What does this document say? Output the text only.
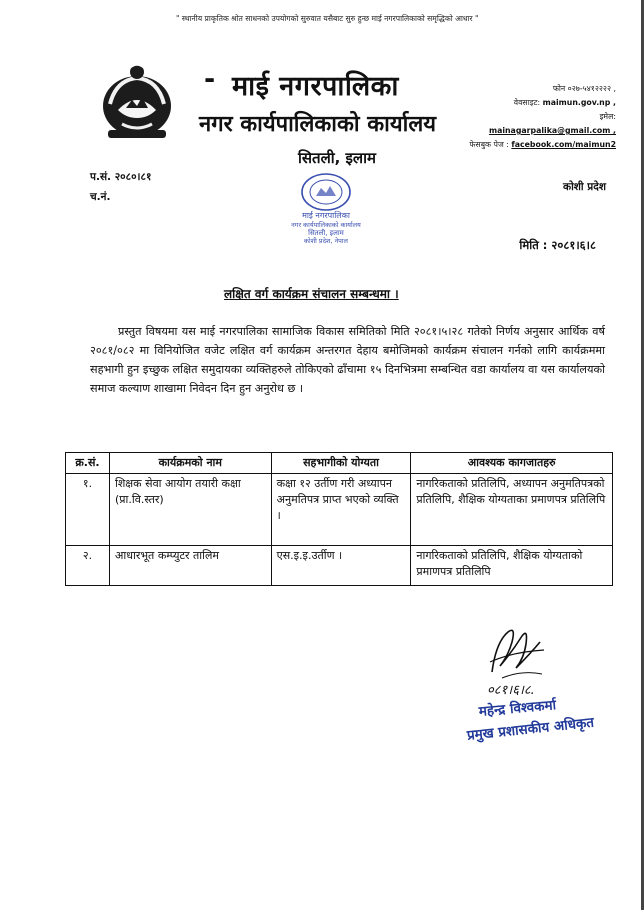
" स्थानीय प्राकृतिक श्रोत साधनको उपयोगको सुरुवात यसैबाट सुरु हुन्छ माई नगरपालिकाको समृद्धिको आधार "
- माई नगरपालिका
नगर कार्यपालिकाको कार्यालय
सितली, इलाम
फोन ०२७-५४१२२२२ ,
वेवसाइट: maimun.gov.np ,
इमेल:
mainagarpalika@gmail.com ,
फेसबुक पेज : facebook.com/maimun2
प.सं. २०८०।८१
च.नं.
कोशी प्रदेश
माई नगरपालिका
नगर कार्यपालिकाको कार्यालय
सितली, इलाम
कोशी प्रदेश, नेपाल	मिति : २०८१।६।८
लक्षित वर्ग कार्यक्रम संचालन सम्बन्धमा ।

प्रस्तुत विषयमा यस माई नगरपालिका सामाजिक विकास समितिको मिति २०८१।५।२८ गतेको निर्णय अनुसार आर्थिक वर्ष २०८१/०८२ मा विनियोजित वजेट लक्षित वर्ग कार्यक्रम अन्तरगत देहाय बमोजिमको कार्यक्रम संचालन गर्नको लागि कार्यक्रममा सहभागी हुन इच्छुक लक्षित समुदायका व्यक्तिहरुले तोकिएको ढाँचामा १५ दिनभित्रमा सम्बन्धित वडा कार्यालय वा यस कार्यालयको समाज कल्याण शाखामा निवेदन दिन हुन अनुरोध छ ।

क्र.सं.	कार्यक्रमको नाम	सहभागीको योग्यता	आवश्यक कागजातहरु
१.	शिक्षक सेवा आयोग तयारी कक्षा (प्रा.वि.स्तर)	कक्षा १२ उर्तीण गरी अध्यापन अनुमतिपत्र प्राप्त भएको व्यक्ति ।	नागरिकताको प्रतिलिपि, अध्यापन अनुमतिपत्रको प्रतिलिपि, शैक्षिक योग्यताका प्रमाणपत्र प्रतिलिपि
२.	आधारभूत कम्प्युटर तालिम	एस.इ.इ.उर्तीण ।	नागरिकताको प्रतिलिपि, शैक्षिक योग्यताको प्रमाणपत्र प्रतिलिपि
०८१।६।८.
महेन्द्र विश्वकर्मा
प्रमुख प्रशासकीय अधिकृत
